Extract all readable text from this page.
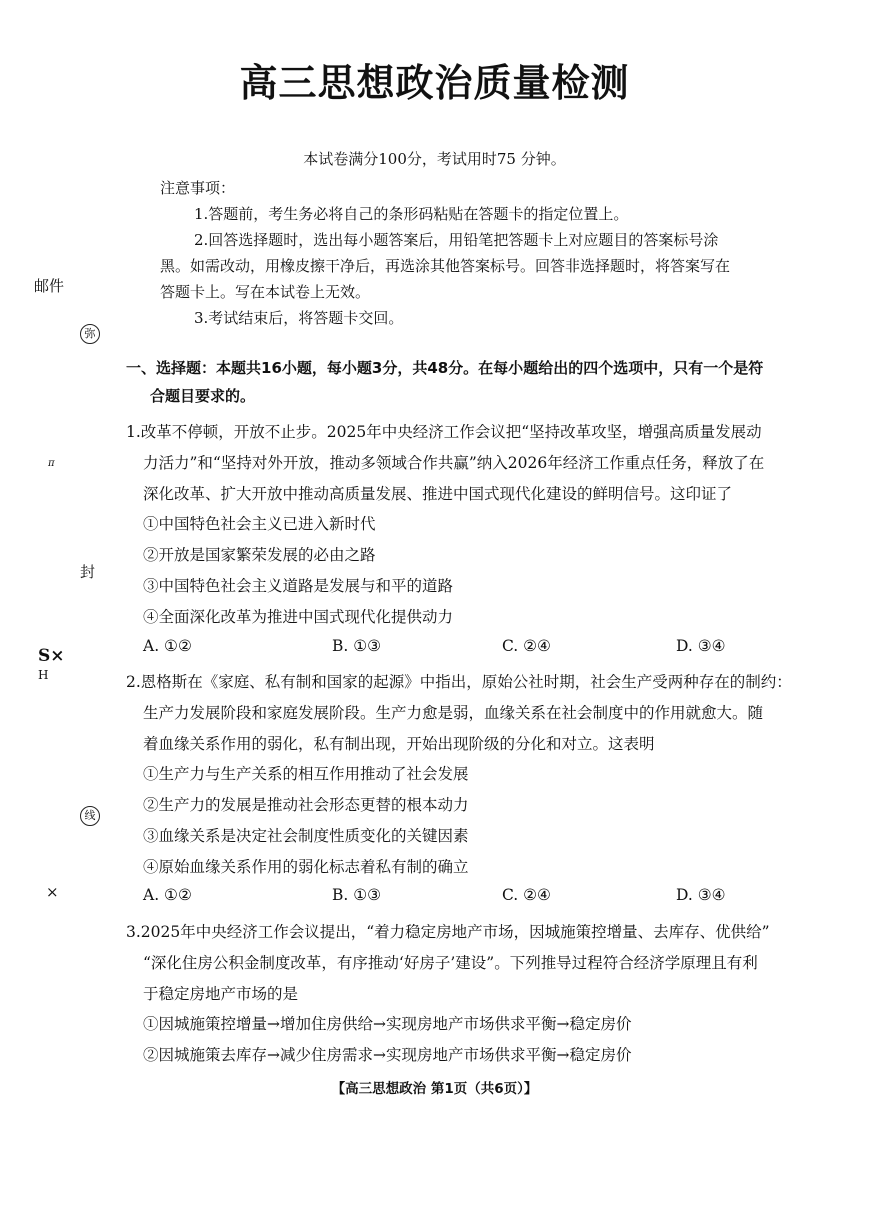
高三思想政治质量检测
本试卷满分100分，考试用时75 分钟。
注意事项：
1.答题前，考生务必将自己的条形码粘贴在答题卡的指定位置上。
2.回答选择题时，选出每小题答案后，用铅笔把答题卡上对应题目的答案标号涂
黑。如需改动，用橡皮擦干净后，再选涂其他答案标号。回答非选择题时，将答案写在
答题卡上。写在本试卷上无效。
3.考试结束后，将答题卡交回。
邮件
弥
π
封
S×
H
线
×
一、选择题：本题共16小题，每小题3分，共48分。在每小题给出的四个选项中，只有一个是符
合题目要求的。
1.改革不停顿，开放不止步。2025年中央经济工作会议把“坚持改革攻坚，增强高质量发展动
力活力”和“坚持对外开放，推动多领域合作共赢”纳入2026年经济工作重点任务，释放了在
深化改革、扩大开放中推动高质量发展、推进中国式现代化建设的鲜明信号。这印证了
①中国特色社会主义已进入新时代
②开放是国家繁荣发展的必由之路
③中国特色社会主义道路是发展与和平的道路
④全面深化改革为推进中国式现代化提供动力
A. ①②	B. ①③	C. ②④	D. ③④
2.恩格斯在《家庭、私有制和国家的起源》中指出，原始公社时期，社会生产受两种存在的制约：
生产力发展阶段和家庭发展阶段。生产力愈是弱，血缘关系在社会制度中的作用就愈大。随
着血缘关系作用的弱化，私有制出现，开始出现阶级的分化和对立。这表明
①生产力与生产关系的相互作用推动了社会发展
②生产力的发展是推动社会形态更替的根本动力
③血缘关系是决定社会制度性质变化的关键因素
④原始血缘关系作用的弱化标志着私有制的确立
A. ①②	B. ①③	C. ②④	D. ③④
3.2025年中央经济工作会议提出，“着力稳定房地产市场，因城施策控增量、去库存、优供给”
“深化住房公积金制度改革，有序推动‘好房子’建设”。下列推导过程符合经济学原理且有利
于稳定房地产市场的是
①因城施策控增量→增加住房供给→实现房地产市场供求平衡→稳定房价
②因城施策去库存→减少住房需求→实现房地产市场供求平衡→稳定房价
【高三思想政治 第1页（共6页）】
